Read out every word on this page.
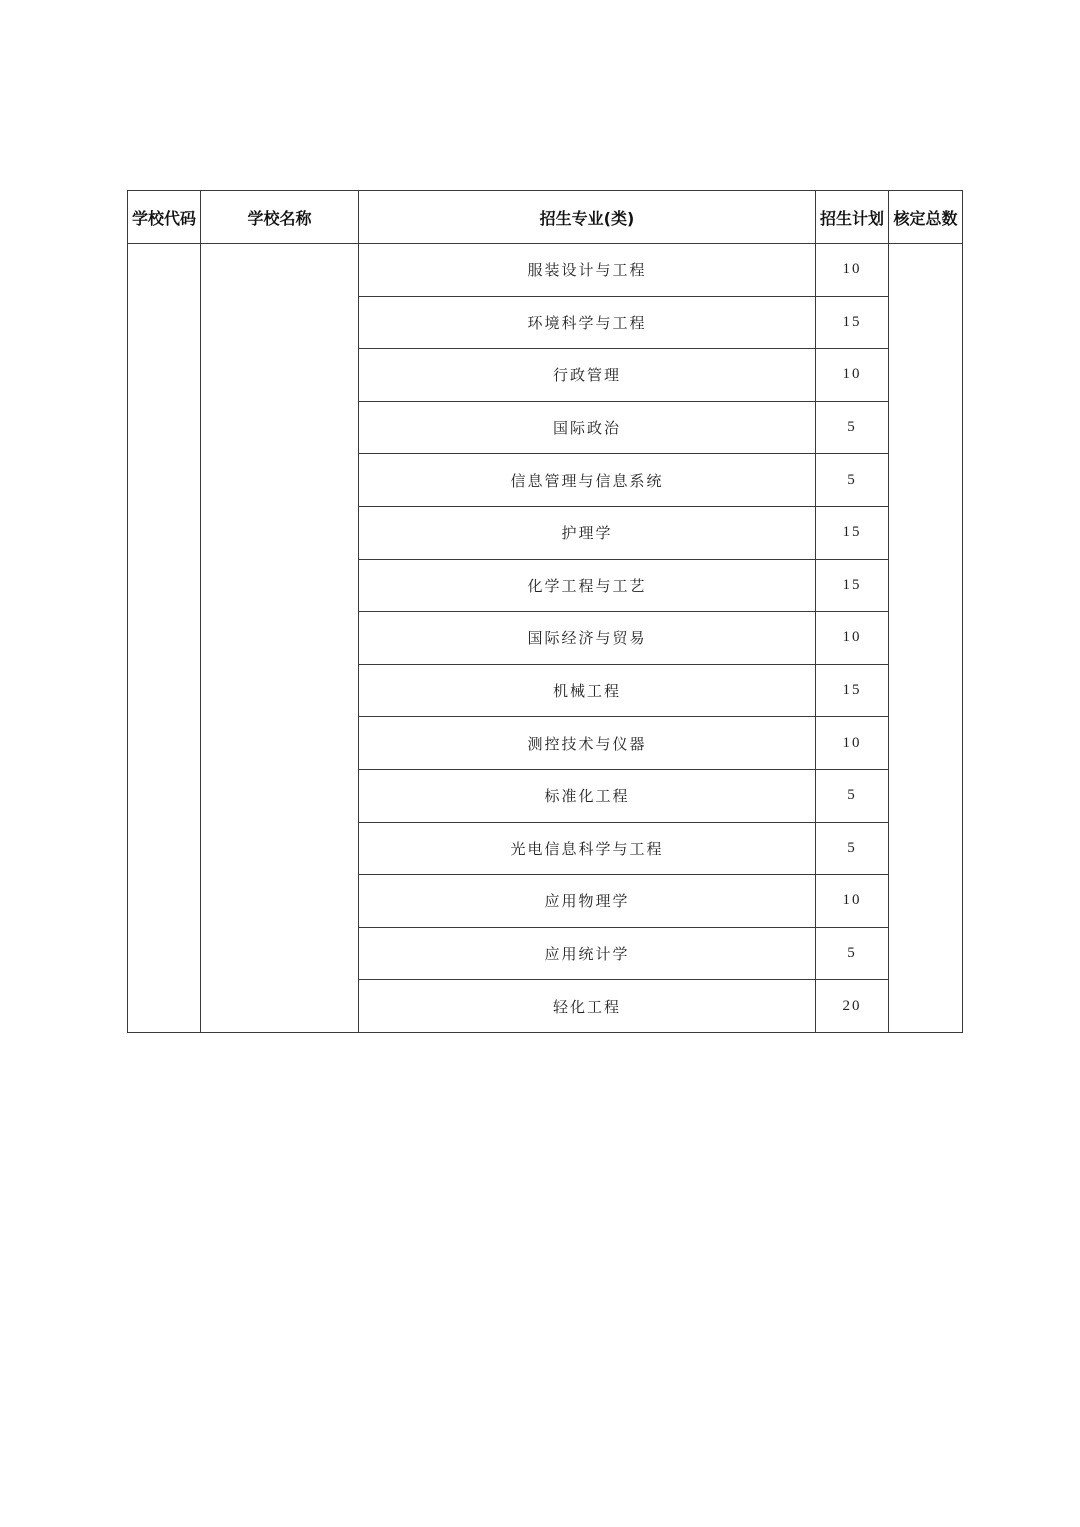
学校代码	学校名称	招生专业(类)	招生计划	核定总数
		服装设计与工程	10	
		环境科学与工程	15	
		行政管理	10	
		国际政治	5	
		信息管理与信息系统	5	
		护理学	15	
		化学工程与工艺	15	
		国际经济与贸易	10	
		机械工程	15	
		测控技术与仪器	10	
		标准化工程	5	
		光电信息科学与工程	5	
		应用物理学	10	
		应用统计学	5	
		轻化工程	20	
